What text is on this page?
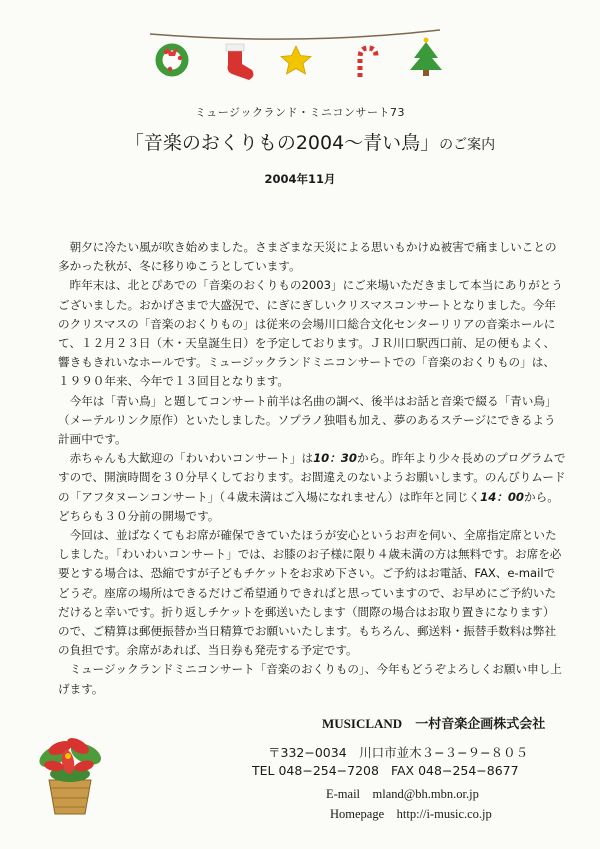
ミュージックランド・ミニコンサート73
「音楽のおくりもの2004〜青い鳥」のご案内
2004年11月

朝夕に冷たい風が吹き始めました。さまざまな天災による思いもかけぬ被害で痛ましいことの多かった秋が、冬に移りゆこうとしています。

昨年末は、北とぴあでの「音楽のおくりもの2003」にご来場いただきまして本当にありがとうございました。おかげさまで大盛況で、にぎにぎしいクリスマスコンサートとなりました。今年のクリスマスの「音楽のおくりもの」は従来の会場川口総合文化センターリリアの音楽ホールにて、１２月２３日（木・天皇誕生日）を予定しております。ＪＲ川口駅西口前、足の便もよく、響きもきれいなホールです。ミュージックランドミニコンサートでの「音楽のおくりもの」は、１９９０年来、今年で１３回目となります。

今年は「青い鳥」と題してコンサート前半は名曲の調べ、後半はお話と音楽で綴る「青い鳥」（メーテルリンク原作）といたしました。ソプラノ独唱も加え、夢のあるステージにできるよう計画中です。

赤ちゃんも大歓迎の「わいわいコンサート」は10：30から。昨年より少々長めのプログラムですので、開演時間を３０分早くしております。お間違えのないようお願いします。のんびりムードの「アフタヌーンコンサート」（４歳未満はご入場になれません）は昨年と同じく14：00から。どちらも３０分前の開場です。

今回は、並ばなくてもお席が確保できていたほうが安心というお声を伺い、全席指定席といたしました。「わいわいコンサート」では、お膝のお子様に限り４歳未満の方は無料です。お席を必要とする場合は、恐縮ですが子どもチケットをお求め下さい。ご予約はお電話、FAX、e-mailでどうぞ。座席の場所はできるだけご希望通りできればと思っていますので、お早めにご予約いただけると幸いです。折り返しチケットを郵送いたします（間際の場合はお取り置きになります）ので、ご精算は郵便振替か当日精算でお願いいたします。もちろん、郵送料・振替手数料は弊社の負担です。余席があれば、当日券も発売する予定です。

ミュージックランドミニコンサート「音楽のおくりもの」、今年もどうぞよろしくお願い申し上げます。

MUSICLAND　 一村音楽企画株式会社
〒332−0034　川口市並木３−３−９−８０５
TEL 048−254−7208 FAX 048−254−8677
E-mail　mland@bh.mbn.or.jp
Homepage　http://i-music.co.jp
